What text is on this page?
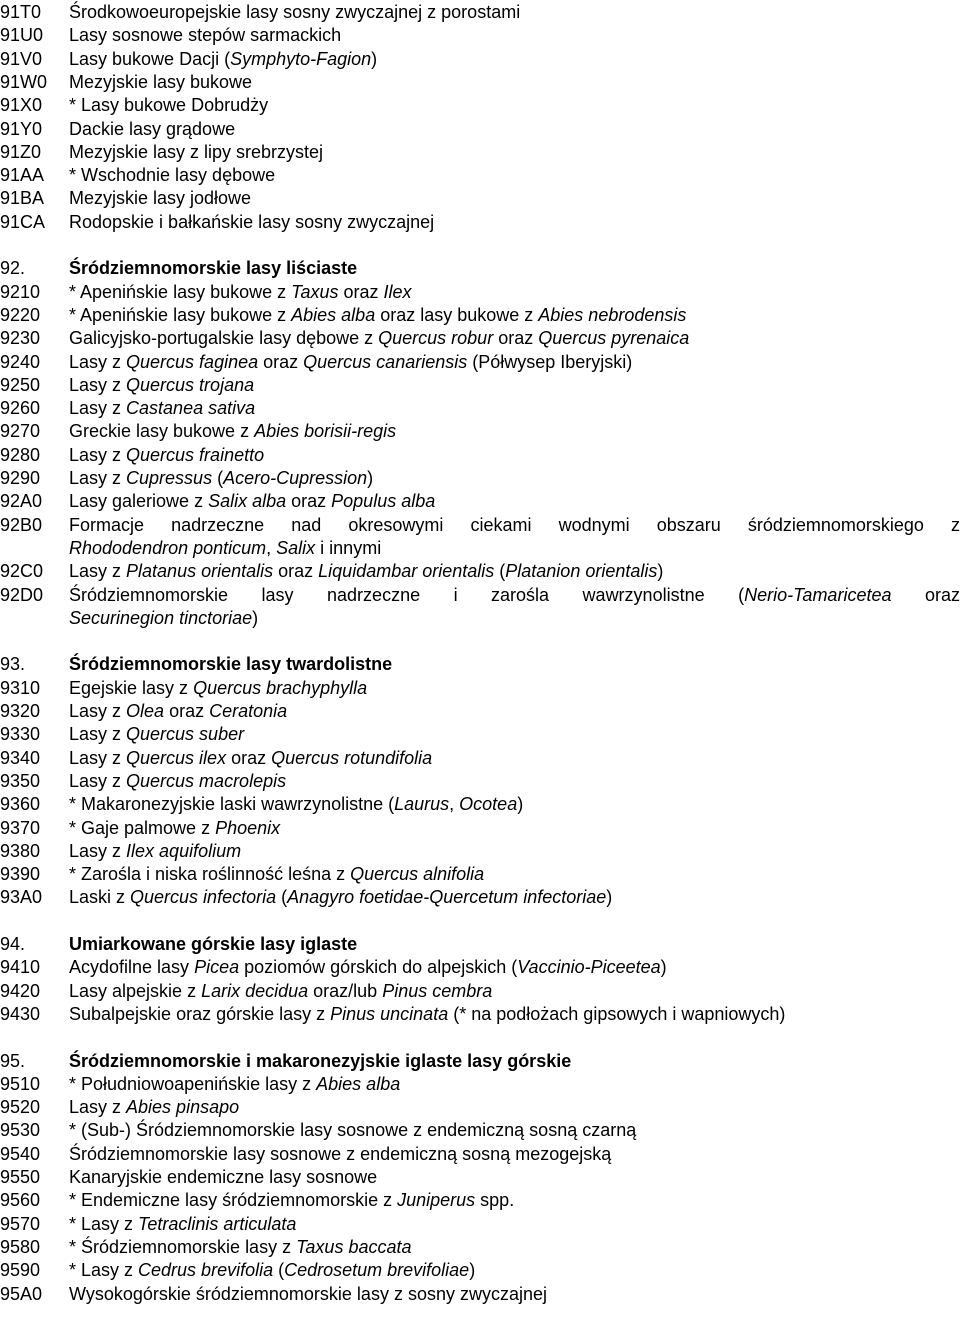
91T0 Środkowoeuropejskie lasy sosny zwyczajnej z porostami
91U0 Lasy sosnowe stepów sarmackich
91V0 Lasy bukowe Dacji (Symphyto-Fagion)
91W0 Mezyjskie lasy bukowe
91X0 * Lasy bukowe Dobrudży
91Y0 Dackie lasy grądowe
91Z0 Mezyjskie lasy z lipy srebrzystej
91AA * Wschodnie lasy dębowe
91BA Mezyjskie lasy jodłowe
91CA Rodopskie i bałkańskie lasy sosny zwyczajnej
92. Śródziemnomorskie lasy liściaste
9210 * Apenińskie lasy bukowe z Taxus oraz Ilex
9220 * Apenińskie lasy bukowe z Abies alba oraz lasy bukowe z Abies nebrodensis
9230 Galicyjsko-portugalskie lasy dębowe z Quercus robur oraz Quercus pyrenaica
9240 Lasy z Quercus faginea oraz Quercus canariensis (Półwysep Iberyjski)
9250 Lasy z Quercus trojana
9260 Lasy z Castanea sativa
9270 Greckie lasy bukowe z Abies borisii-regis
9280 Lasy z Quercus frainetto
9290 Lasy z Cupressus (Acero-Cupression)
92A0 Lasy galeriowe z Salix alba oraz Populus alba
92B0 Formacje nadrzeczne nad okresowymi ciekami wodnymi obszaru śródziemnomorskiego z
Rhododendron ponticum, Salix i innymi
92C0 Lasy z Platanus orientalis oraz Liquidambar orientalis (Platanion orientalis)
92D0 Śródziemnomorskie lasy nadrzeczne i zarośla wawrzynolistne (Nerio-Tamaricetea oraz
Securinegion tinctoriae)
93. Śródziemnomorskie lasy twardolistne
9310 Egejskie lasy z Quercus brachyphylla
9320 Lasy z Olea oraz Ceratonia
9330 Lasy z Quercus suber
9340 Lasy z Quercus ilex oraz Quercus rotundifolia
9350 Lasy z Quercus macrolepis
9360 * Makaronezyjskie laski wawrzynolistne (Laurus, Ocotea)
9370 * Gaje palmowe z Phoenix
9380 Lasy z Ilex aquifolium
9390 * Zarośla i niska roślinność leśna z Quercus alnifolia
93A0 Laski z Quercus infectoria (Anagyro foetidae-Quercetum infectoriae)
94. Umiarkowane górskie lasy iglaste
9410 Acydofilne lasy Picea poziomów górskich do alpejskich (Vaccinio-Piceetea)
9420 Lasy alpejskie z Larix decidua oraz/lub Pinus cembra
9430 Subalpejskie oraz górskie lasy z Pinus uncinata (* na podłożach gipsowych i wapniowych)
95. Śródziemnomorskie i makaronezyjskie iglaste lasy górskie
9510 * Południowoapenińskie lasy z Abies alba
9520 Lasy z Abies pinsapo
9530 * (Sub-) Śródziemnomorskie lasy sosnowe z endemiczną sosną czarną
9540 Śródziemnomorskie lasy sosnowe z endemiczną sosną mezogejską
9550 Kanaryjskie endemiczne lasy sosnowe
9560 * Endemiczne lasy śródziemnomorskie z Juniperus spp.
9570 * Lasy z Tetraclinis articulata
9580 * Śródziemnomorskie lasy z Taxus baccata
9590 * Lasy z Cedrus brevifolia (Cedrosetum brevifoliae)
95A0 Wysokogórskie śródziemnomorskie lasy z sosny zwyczajnej
